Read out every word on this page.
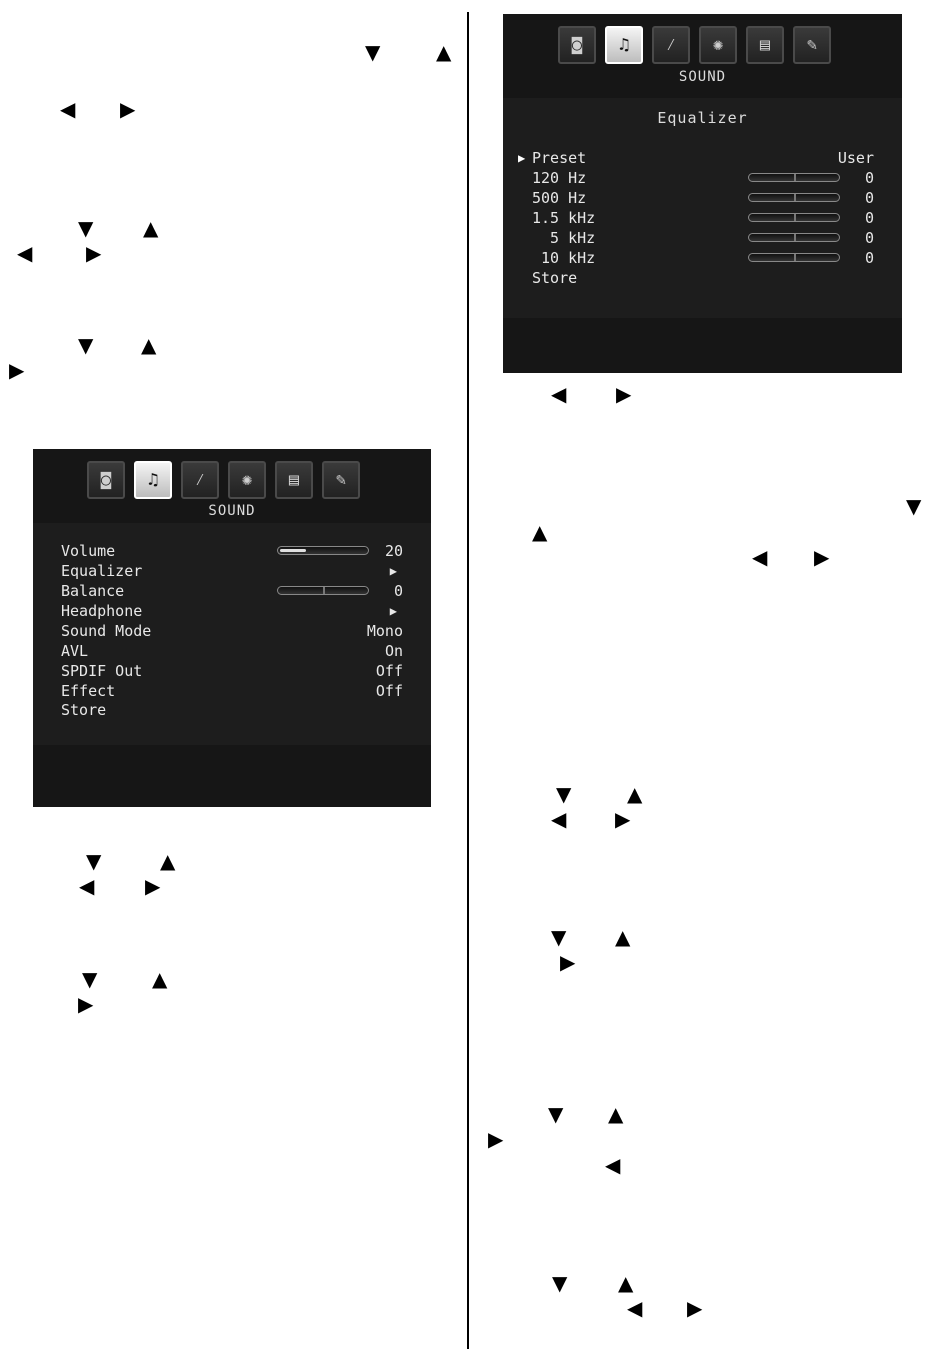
▼	▲
◀ ▶
▼ ▲
◀	▶
▼ ▲
▶
◙	♫	⁄	✺	▤	✎
SOUND
Volume	20
Equalizer	▶
Balance	0
Headphone	▶
Sound Mode	Mono
AVL	On
SPDIF Out	Off
Effect	Off
Store
▼	▲
◀	▶
▼	▲
▶
◙	♫	⁄	✺	▤	✎
SOUND
Equalizer
▶ Preset	User
120 Hz	0
500 Hz	0
1.5 kHz	0
5 kHz	0
10 kHz	0
Store
◀ ▶
▼
▲
◀ ▶
▼	▲
◀ ▶
▼ ▲
▶
▼ ▲
▶
◀
▼	▲
◀ ▶
